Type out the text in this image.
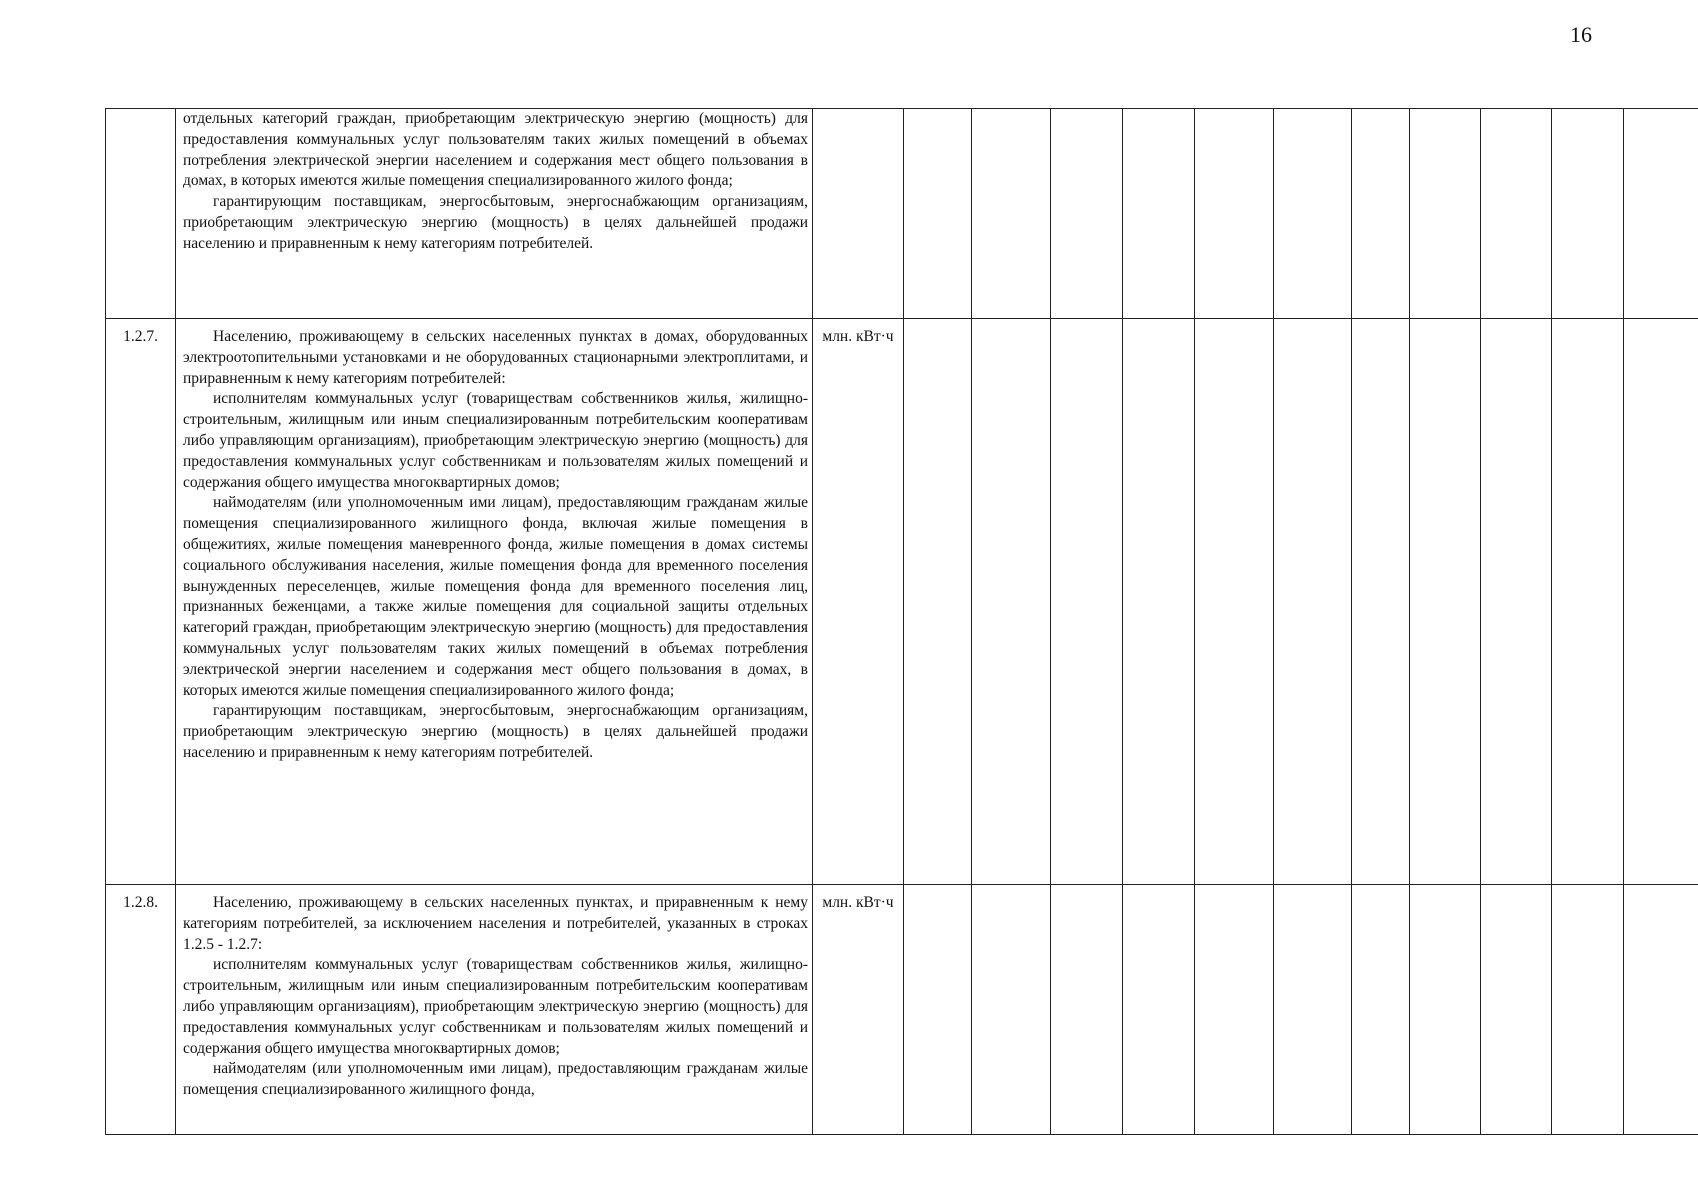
16

	отдельных категорий граждан, приобретающим электрическую энергию (мощность) для предоставления коммунальных услуг пользователям таких жилых помещений в объемах потребления электрической энергии населением и содержания мест общего пользования в домах, в которых имеются жилые помещения специализированного жилого фонда;

гарантирующим поставщикам, энергосбытовым, энергоснабжающим организациям, приобретающим электрическую энергию (мощность) в целях дальнейшей продажи населению и приравненным к нему категориям потребителей.												

1.2.7.	Населению, проживающему в сельских населенных пунктах в домах, оборудованных электроотопительными установками и не оборудованных стационарными электроплитами, и приравненным к нему категориям потребителей:

исполнителям коммунальных услуг (товариществам собственников жилья, жилищно-строительным, жилищным или иным специализированным потребительским кооперативам либо управляющим организациям), приобретающим электрическую энергию (мощность) для предоставления коммунальных услуг собственникам и пользователям жилых помещений и содержания общего имущества многоквартирных домов;

наймодателям (или уполномоченным ими лицам), предоставляющим гражданам жилые помещения специализированного жилищного фонда, включая жилые помещения в общежитиях, жилые помещения маневренного фонда, жилые помещения в домах системы социального обслуживания населения, жилые помещения фонда для временного поселения вынужденных переселенцев, жилые помещения фонда для временного поселения лиц, признанных беженцами, а также жилые помещения для социальной защиты отдельных категорий граждан, приобретающим электрическую энергию (мощность) для предоставления коммунальных услуг пользователям таких жилых помещений в объемах потребления электрической энергии населением и содержания мест общего пользования в домах, в которых имеются жилые помещения специализированного жилого фонда;

гарантирующим поставщикам, энергосбытовым, энергоснабжающим организациям, приобретающим электрическую энергию (мощность) в целях дальнейшей продажи населению и приравненным к нему категориям потребителей.	млн. кВт·ч											
1.2.8.	Населению, проживающему в сельских населенных пунктах, и приравненным к нему категориям потребителей, за исключением населения и потребителей, указанных в строках 1.2.5 - 1.2.7:

исполнителям коммунальных услуг (товариществам собственников жилья, жилищно-строительным, жилищным или иным специализированным потребительским кооперативам либо управляющим организациям), приобретающим электрическую энергию (мощность) для предоставления коммунальных услуг собственникам и пользователям жилых помещений и содержания общего имущества многоквартирных домов;

наймодателям (или уполномоченным ими лицам), предоставляющим гражданам жилые помещения специализированного жилищного фонда,	млн. кВт·ч											
